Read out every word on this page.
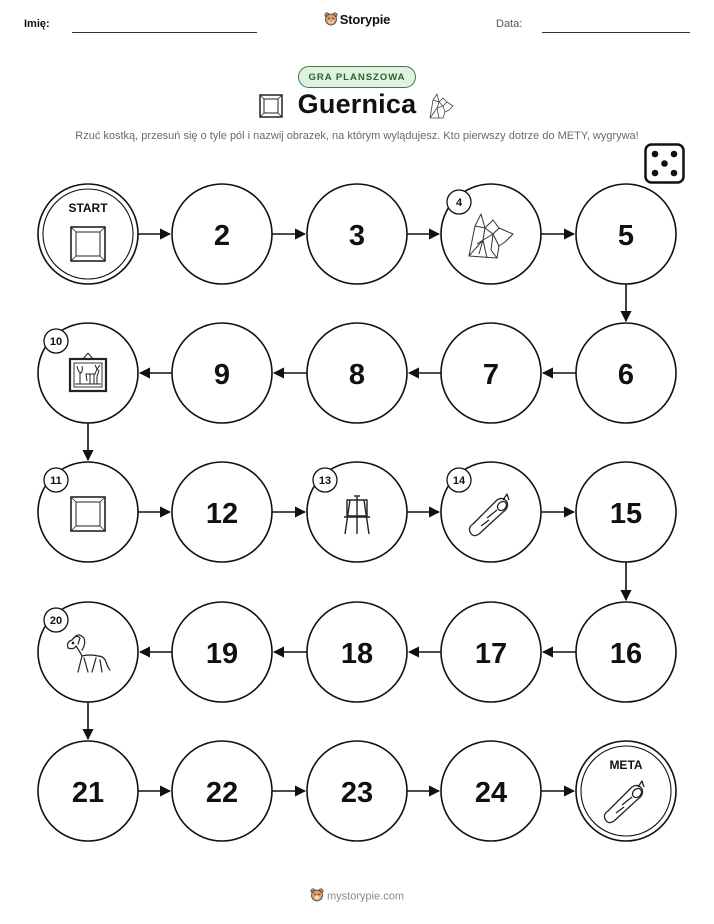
Imię:	Storypie	Data:
GRA PLANSZOWA
Guernica
Rzuć kostką, przesuń się o tyle pól i nazwij obrazek, na którym wylądujesz. Kto pierwszy dotrze do METY, wygrywa!
START
2	3
4
5
6
7
8
9
10
11
12
13	14
15
16
17
18
19
20
21	22	23	24
META
mystorypie.com
